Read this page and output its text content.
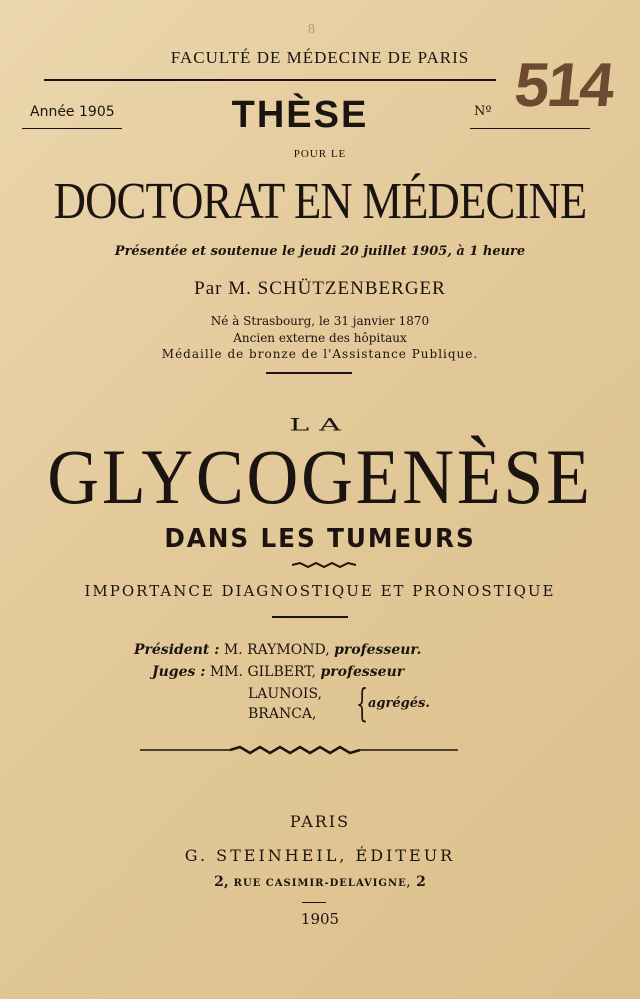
8
FACULTÉ DE MÉDECINE DE PARIS
Année 1905	THÈSE	Nº 514
POUR LE
DOCTORAT EN MÉDECINE
Présentée et soutenue le jeudi 20 juillet 1905, à 1 heure
Par M. SCHÜTZENBERGER
Né à Strasbourg, le 31 janvier 1870
Ancien externe des hôpitaux
Médaille de bronze de l'Assistance Publique.
LA
GLYCOGENÈSE
DANS LES TUMEURS
IMPORTANCE DIAGNOSTIQUE ET PRONOSTIQUE
Président : M. RAYMOND, professeur.
Juges : MM. GILBERT, professeur
LAUNOIS,
BRANCA, { agrégés.
PARIS
G. STEINHEIL, ÉDITEUR
2, RUE CASIMIR-DELAVIGNE, 2
1905
